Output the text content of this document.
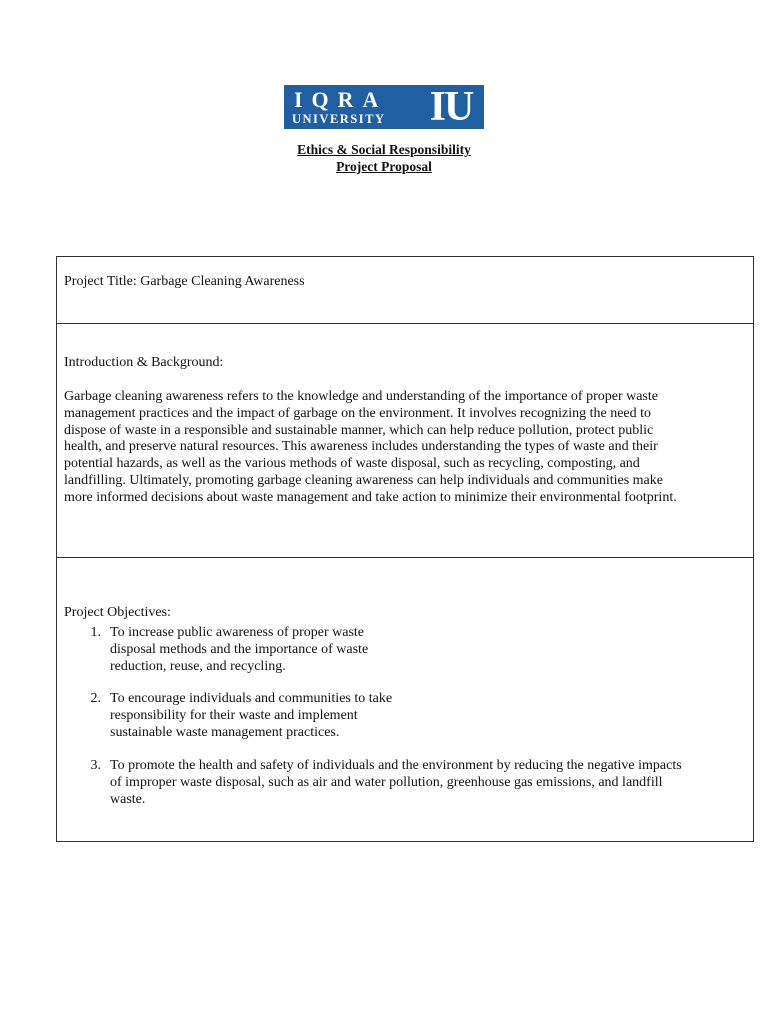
IQRA
UNIVERSITY	IU
Ethics & Social Responsibility
Project Proposal

Project Title: Garbage Cleaning Awareness

Introduction & Background:

Garbage cleaning awareness refers to the knowledge and understanding of the importance of proper waste
management practices and the impact of garbage on the environment. It involves recognizing the need to
dispose of waste in a responsible and sustainable manner, which can help reduce pollution, protect public
health, and preserve natural resources. This awareness includes understanding the types of waste and their
potential hazards, as well as the various methods of waste disposal, such as recycling, composting, and
landfilling. Ultimately, promoting garbage cleaning awareness can help individuals and communities make
more informed decisions about waste management and take action to minimize their environmental footprint.

Project Objectives:

1. To increase public awareness of proper waste
disposal methods and the importance of waste
reduction, reuse, and recycling.
2. To encourage individuals and communities to take
responsibility for their waste and implement
sustainable waste management practices.
3. To promote the health and safety of individuals and the environment by reducing the negative impacts
of improper waste disposal, such as air and water pollution, greenhouse gas emissions, and landfill
waste.
